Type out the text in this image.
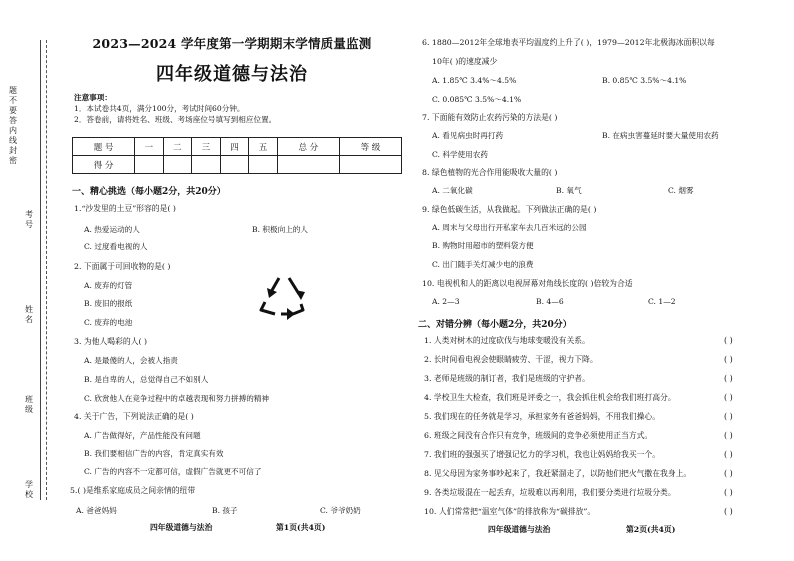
题不要答内线封密
考号
姓名
班级
学校
2023—2024 学年度第一学期期末学情质量监测
四年级道德与法治
注意事项：
1．本试卷共4页，满分100分，考试时间60分钟。
2．答卷前，请将姓名、班级、考场座位号填写到相应位置。
题 号	一	二	三	四	五	总 分	等 级
得 分							
一、精心挑选（每小题2分，共20分）
1.“沙发里的土豆”形容的是( )
A. 热爱运动的人	B. 积极向上的人
C. 过度看电视的人
2. 下面属于可回收物的是( )
A. 废弃的灯管
B. 废旧的报纸
C. 废弃的电池
3. 为他人喝彩的人( )
A. 是最傻的人，会被人指责
B. 是自卑的人，总觉得自己不如别人
C. 欣赏他人在竞争过程中的卓越表现和努力拼搏的精神
4. 关于广告，下列说法正确的是( )
A. 广告做得好，产品性能没有问题
B. 我们要相信广告的内容，肯定真实有效
C. 广告的内容不一定都可信，虚假广告就更不可信了
5.( )是维系家庭成员之间亲情的纽带
A. 爸爸妈妈	B. 孩子	C. 爷爷奶奶
四年级道德与法治	第1页(共4页)
6. 1880—2012年全球地表平均温度约上升了( )，1979—2012年北极海冰面积以每
10年( )的速度减少
A. 1.85℃ 3.4%～4.5%	B. 0.85℃ 3.5%～4.1%
C. 0.085℃ 3.5%～4.1%
7. 下面能有效防止农药污染的方法是( )
A. 看见病虫时再打药	B. 在病虫害蔓延时要大量使用农药
C. 科学使用农药
8. 绿色植物的光合作用能吸收大量的( )
A. 二氧化碳	B. 氧气	C. 烟雾
9. 绿色低碳生活，从我做起。下列做法正确的是( )
A. 周末与父母出行开私家车去几百米远的公园
B. 购物时用超市的塑料袋方便
C. 出门随手关灯减少电的浪费
10. 电视机和人的距离以电视屏幕对角线长度的( )倍较为合适
A. 2—3	B. 4—6	C. 1—2
二、对错分辨（每小题2分，共20分）
1. 人类对树木的过度砍伐与地球变暖没有关系。	( )
2. 长时间看电视会使眼睛疲劳、干涩，视力下降。	( )
3. 老师是班级的制订者，我们是班级的守护者。	( )
4. 学校卫生大检查，我们班是评委之一，我会抓住机会给我们班打高分。	( )
5. 我们现在的任务就是学习，承担家务有爸爸妈妈，不用我们操心。	( )
6. 班级之间没有合作只有竞争，班级间的竞争必须使用正当方式。	( )
7. 我们班的强强买了增强记忆力的学习机，我也让妈妈给我买一个。	( )
8. 见父母因为家务事吵起来了，我赶紧溜走了，以防他们把火气撒在我身上。	( )
9. 各类垃圾混在一起丢弃，垃圾难以再利用，我们要分类进行垃圾分类。	( )
10. 人们常常把“温室气体”的排放称为“碳排放”。	( )
四年级道德与法治	第2页(共4页)
